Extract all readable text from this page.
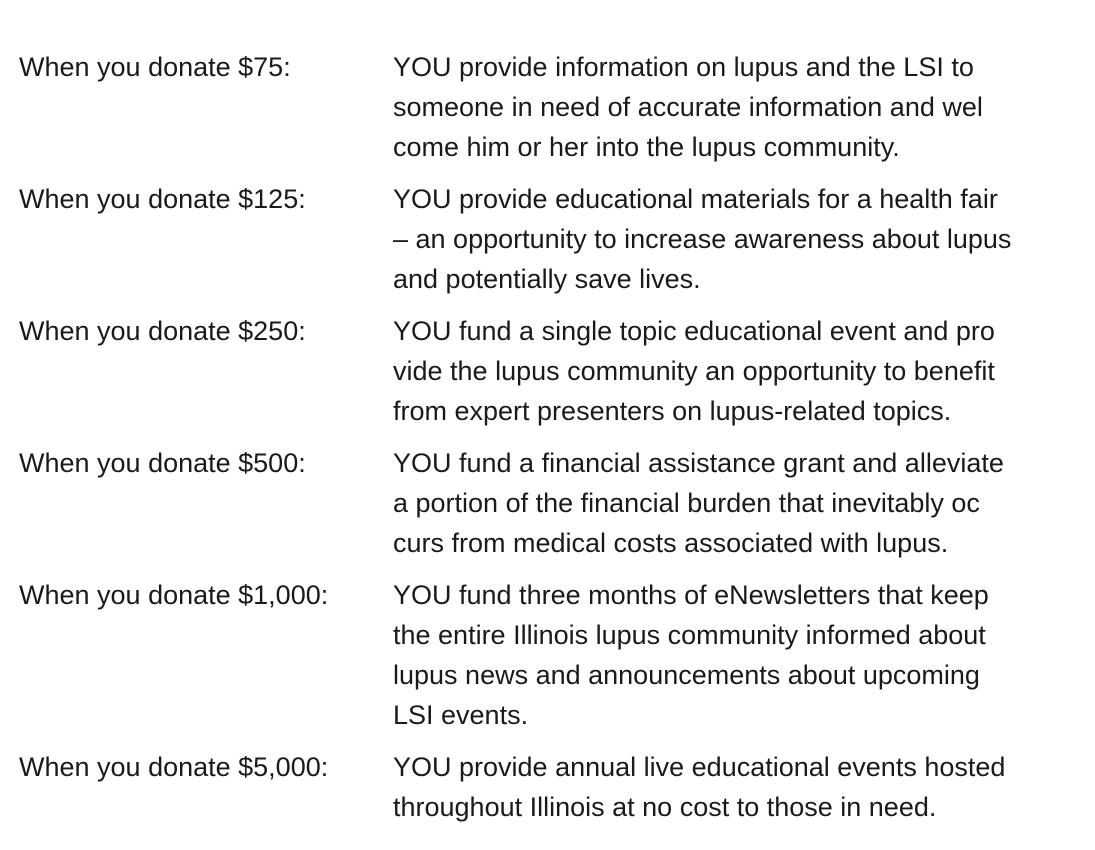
When you donate $75:	YOU provide information on lupus and the LSI to
someone in need of accurate information and wel
come him or her into the lupus community.
When you donate $125:	YOU provide educational materials for a health fair
– an opportunity to increase awareness about lupus
and potentially save lives.
When you donate $250:	YOU fund a single topic educational event and pro
vide the lupus community an opportunity to benefit
from expert presenters on lupus-related topics.
When you donate $500:	YOU fund a financial assistance grant and alleviate
a portion of the financial burden that inevitably oc
curs from medical costs associated with lupus.
When you donate $1,000:	YOU fund three months of eNewsletters that keep
the entire Illinois lupus community informed about
lupus news and announcements about upcoming
LSI events.
When you donate $5,000:	YOU provide annual live educational events hosted
throughout Illinois at no cost to those in need.
